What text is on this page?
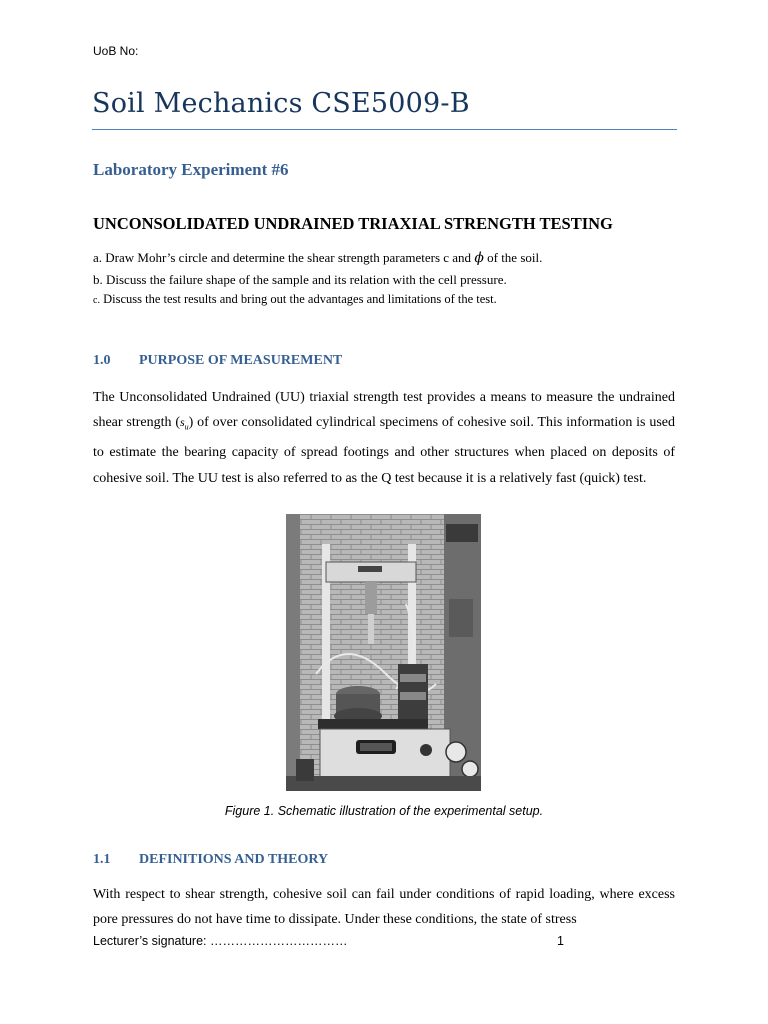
UoB No:
Soil Mechanics CSE5009-B
Laboratory Experiment #6
UNCONSOLIDATED UNDRAINED TRIAXIAL STRENGTH TESTING
a. Draw Mohr’s circle and determine the shear strength parameters c and ϕ of the soil.
b. Discuss the failure shape of the sample and its relation with the cell pressure.
c. Discuss the test results and bring out the advantages and limitations of the test.
1.0 PURPOSE OF MEASUREMENT
The Unconsolidated Undrained (UU) triaxial strength test provides a means to measure the undrained shear strength $(s_u)$ of over consolidated cylindrical specimens of cohesive soil. This information is used to estimate the bearing capacity of spread footings and other structures when placed on deposits of cohesive soil. The UU test is also referred to as the Q test because it is a relatively fast (quick) test.
Figure 1. Schematic illustration of the experimental setup.
1.1 DEFINITIONS AND THEORY
With respect to shear strength, cohesive soil can fail under conditions of rapid loading, where excess pore pressures do not have time to dissipate. Under these conditions, the state of stress
Lecturer’s signature: ……………………………	1
